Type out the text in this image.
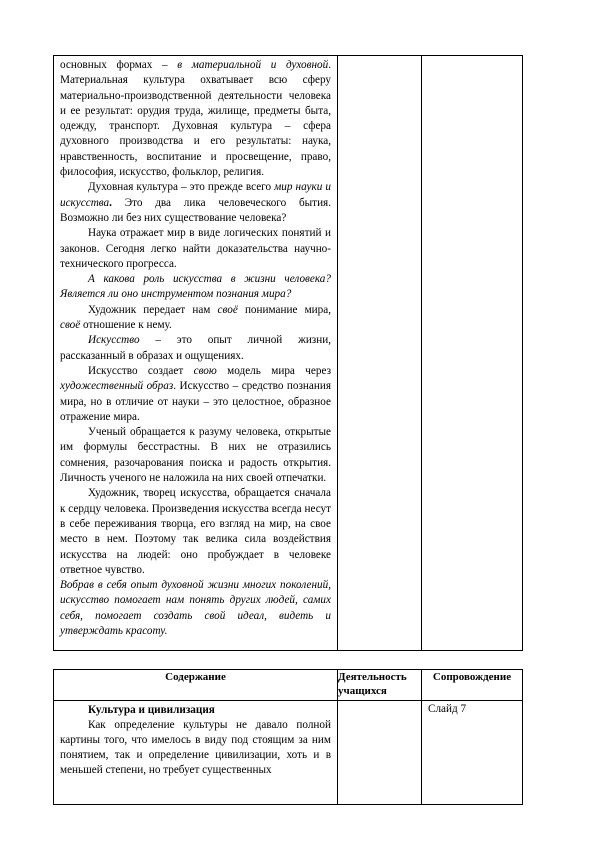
основных формах – в материальной и духовной. Материальная культура охватывает всю сферу материально-производственной деятельности человека и ее результат: орудия труда, жилище, предметы быта, одежду, транспорт. Духовная культура – сфера духовного производства и его результаты: наука, нравственность, воспитание и просвещение, право, философия, искусство, фольклор, религия.

Духовная культура – это прежде всего мир науки и искусства. Это два лика человеческого бытия. Возможно ли без них существование человека?

Наука отражает мир в виде логических понятий и законов. Сегодня легко найти доказательства научно-технического прогресса.

А какова роль искусства в жизни человека? Является ли оно инструментом познания мира?

Художник передает нам своё понимание мира, своё отношение к нему.

Искусство – это опыт личной жизни, рассказанный в образах и ощущениях.

Искусство создает свою модель мира через художественный образ. Искусство – средство познания мира, но в отличие от науки – это целостное, образное отражение мира.

Ученый обращается к разуму человека, открытые им формулы бесстрастны. В них не отразились сомнения, разочарования поиска и радость открытия. Личность ученого не наложила на них своей отпечатки.

Художник, творец искусства, обращается сначала к сердцу человека. Произведения искусства всегда несут в себе переживания творца, его взгляд на мир, на свое место в нем. Поэтому так велика сила воздействия искусства на людей: оно пробуждает в человеке ответное чувство.

Вобрав в себя опыт духовной жизни многих поколений, искусство помогает нам понять других людей, самих себя, помогает создать свой идеал, видеть и утверждать красоту.

Содержание	Деятельность учащихся	Сопровождение

Культура и цивилизация

Как определение культуры не давало полной картины того, что имелось в виду под стоящим за ним понятием, так и определение цивилизации, хоть и в меньшей степени, но требует существенных		Слайд 7
